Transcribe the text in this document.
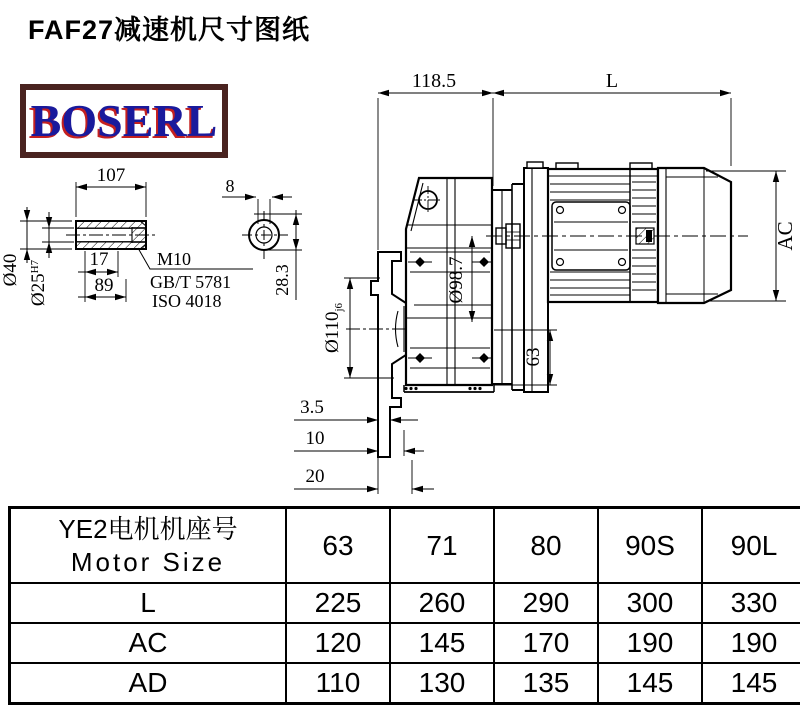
FAF27减速机尺寸图纸
BOSERL
107
Ø40
$Ø25^{H7}$	17
89
M10
GB/T 5781
ISO 4018
8
28.3
118.5	L
AC
$Ø110_{j6}$
Ø98.7
63
3.5
10
20
YE2电机机座号
Motor Size	63	71	80	90S	90L
L	225	260	290	300	330
AC	120	145	170	190	190
AD	110	130	135	145	145
